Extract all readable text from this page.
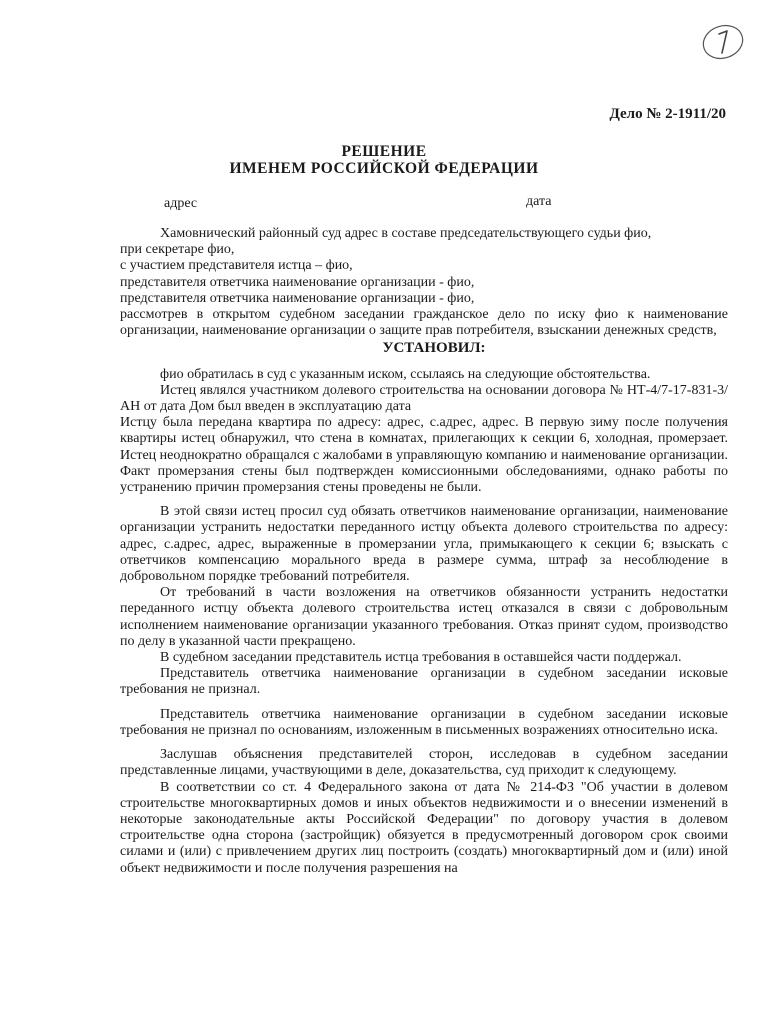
Дело № 2-1911/20
РЕШЕНИЕ
ИМЕНЕМ РОССИЙСКОЙ ФЕДЕРАЦИИ
адрес	дата

Хамовнический районный суд адрес в составе председательствующего судьи фио,

при секретаре фио,

с участием представителя истца – фио,

представителя ответчика наименование организации - фио,

представителя ответчика наименование организации - фио,

рассмотрев в открытом судебном заседании гражданское дело по иску фио к наименование организации, наименование организации о защите прав потребителя, взыскании денежных средств,

УСТАНОВИЛ:

фио обратилась в суд с указанным иском, ссылаясь на следующие обстоятельства.

Истец являлся участником долевого строительства на основании договора № НТ-4/7-17-831-3/АН от дата Дом был введен в эксплуатацию дата

Истцу была передана квартира по адресу: адрес, с.адрес, адрес. В первую зиму после получения квартиры истец обнаружил, что стена в комнатах, прилегающих к секции 6, холодная, промерзает. Истец неоднократно обращался с жалобами в управляющую компанию и наименование организации. Факт промерзания стены был подтвержден комиссионными обследованиями, однако работы по устранению причин промерзания стены проведены не были.

В этой связи истец просил суд обязать ответчиков наименование организации, наименование организации устранить недостатки переданного истцу объекта долевого строительства по адресу: адрес, с.адрес, адрес, выраженные в промерзании угла, примыкающего к секции 6; взыскать с ответчиков компенсацию морального вреда в размере сумма, штраф за несоблюдение в добровольном порядке требований потребителя.

От требований в части возложения на ответчиков обязанности устранить недостатки переданного истцу объекта долевого строительства истец отказался в связи с добровольным исполнением наименование организации указанного требования. Отказ принят судом, производство по делу в указанной части прекращено.

В судебном заседании представитель истца требования в оставшейся части поддержал.

Представитель ответчика наименование организации в судебном заседании исковые требования не признал.

Представитель ответчика наименование организации в судебном заседании исковые требования не признал по основаниям, изложенным в письменных возражениях относительно иска.

Заслушав объяснения представителей сторон, исследовав в судебном заседании представленные лицами, участвующими в деле, доказательства, суд приходит к следующему.

В соответствии со ст. 4 Федерального закона от дата № 214-ФЗ "Об участии в долевом строительстве многоквартирных домов и иных объектов недвижимости и о внесении изменений в некоторые законодательные акты Российской Федерации" по договору участия в долевом строительстве одна сторона (застройщик) обязуется в предусмотренный договором срок своими силами и (или) с привлечением других лиц построить (создать) многоквартирный дом и (или) иной объект недвижимости и после получения разрешения на
